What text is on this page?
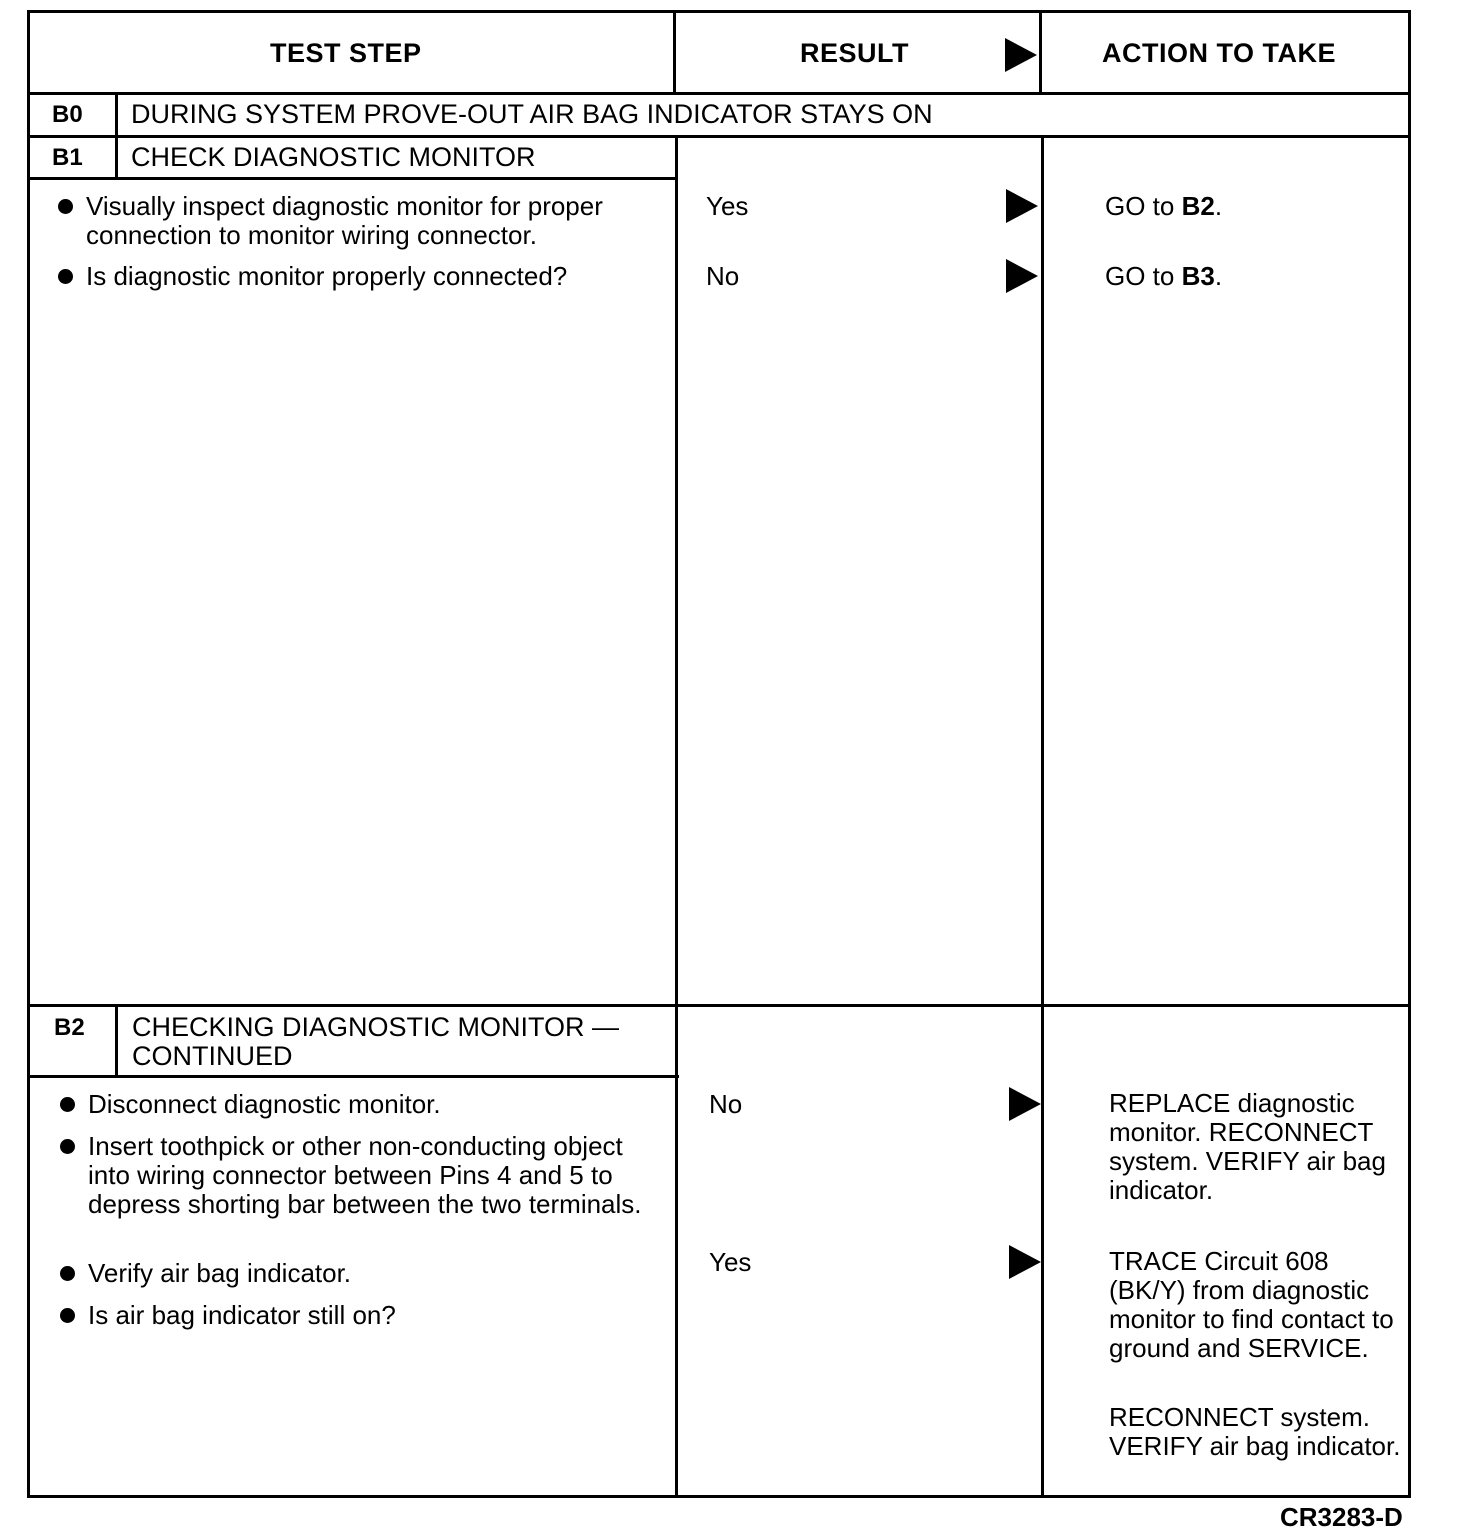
TEST STEP	RESULT	ACTION TO TAKE
B0 DURING SYSTEM PROVE-OUT AIR BAG INDICATOR STAYS ON
B1 CHECK DIAGNOSTIC MONITOR
Visually inspect diagnostic monitor for proper connection to monitor wiring connector.
Is diagnostic monitor properly connected?
Yes	GO to B2.
No	GO to B3.
B2 CHECKING DIAGNOSTIC MONITOR —
CONTINUED
Disconnect diagnostic monitor.
Insert toothpick or other non-conducting object into wiring connector between Pins 4 and 5 to depress shorting bar between the two terminals.
Verify air bag indicator.
Is air bag indicator still on?
No	REPLACE diagnostic monitor. RECONNECT system. VERIFY air bag indicator.
Yes	TRACE Circuit 608 (BK/Y) from diagnostic monitor to find contact to ground and SERVICE.
RECONNECT system. VERIFY air bag indicator.
CR3283-D
